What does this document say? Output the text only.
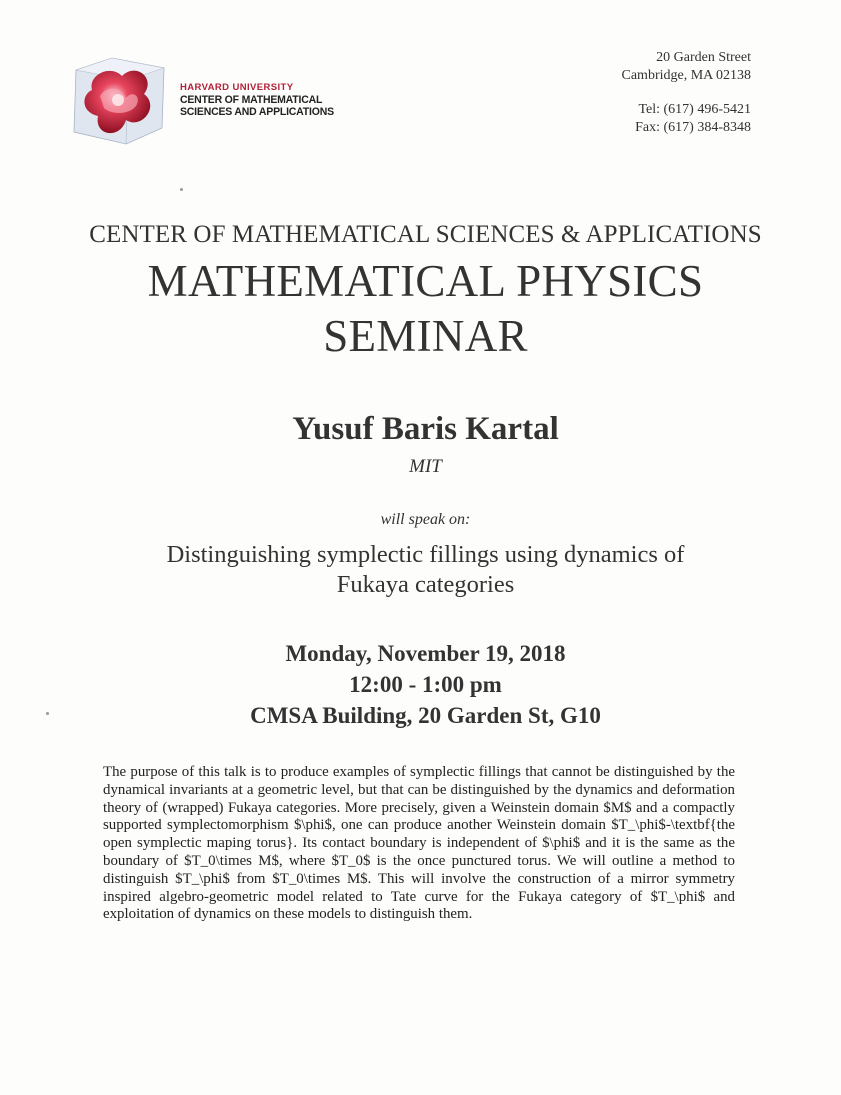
HARVARD UNIVERSITY
CENTER OF MATHEMATICAL
SCIENCES AND APPLICATIONS
20 Garden Street
Cambridge, MA 02138
Tel: (617) 496-5421
Fax: (617) 384-8348
CENTER OF MATHEMATICAL SCIENCES & APPLICATIONS
MATHEMATICAL PHYSICS
SEMINAR
Yusuf Baris Kartal
MIT
will speak on:
Distinguishing symplectic fillings using dynamics of
Fukaya categories
Monday, November 19, 2018
12:00 - 1:00 pm
CMSA Building, 20 Garden St, G10
The purpose of this talk is to produce examples of symplectic fillings that cannot be distinguished by the dynamical invariants at a geometric level, but that can be distinguished by the dynamics and deformation theory of (wrapped) Fukaya categories. More precisely, given a Weinstein domain $M$ and a compactly supported symplectomorphism $\phi$, one can produce another Weinstein domain $T_\phi$-\textbf{the open symplectic maping torus}. Its contact boundary is independent of $\phi$ and it is the same as the boundary of $T_0\times M$, where $T_0$ is the once punctured torus. We will outline a method to distinguish $T_\phi$ from $T_0\times M$. This will involve the construction of a mirror symmetry inspired algebro-geometric model related to Tate curve for the Fukaya category of $T_\phi$ and exploitation of dynamics on these models to distinguish them.
